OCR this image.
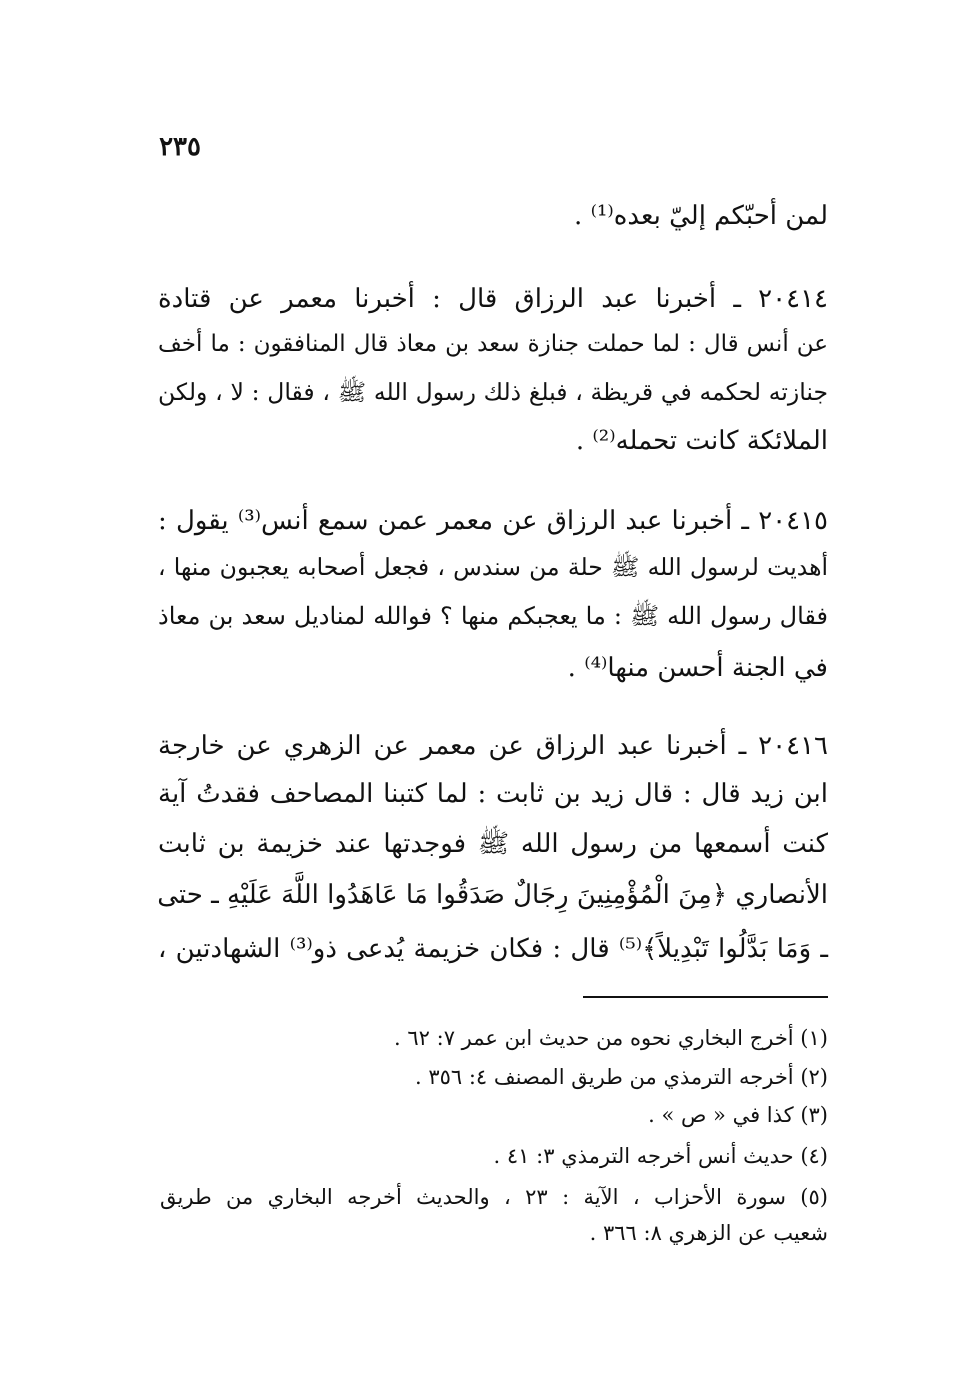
٢٣٥
لمن أحبّكم إليّ بعده⁽¹⁾ .
٢٠٤١٤ ـ أخبرنا عبد الرزاق قال : أخبرنا معمر عن قتادة
عن أنس قال : لما حملت جنازة سعد بن معاذ قال المنافقون : ما أخف
جنازته لحكمه في قريظة ، فبلغ ذلك رسول الله ﷺ ، فقال : لا ، ولكن
الملائكة كانت تحمله⁽²⁾ .
٢٠٤١٥ ـ أخبرنا عبد الرزاق عن معمر عمن سمع أنس⁽³⁾ يقول :
أهديت لرسول الله ﷺ حلة من سندس ، فجعل أصحابه يعجبون منها ،
فقال رسول الله ﷺ : ما يعجبكم منها ؟ فوالله لمناديل سعد بن معاذ
في الجنة أحسن منها⁽⁴⁾ .
٢٠٤١٦ ـ أخبرنا عبد الرزاق عن معمر عن الزهري عن خارجة
ابن زيد قال : قال زيد بن ثابت : لما كتبنا المصاحف فقدتُ آية
كنت أسمعها من رسول الله ﷺ فوجدتها عند خزيمة بن ثابت
الأنصاري ﴿مِنَ الْمُؤْمِنِينَ رِجَالٌ صَدَقُوا مَا عَاهَدُوا اللَّهَ عَلَيْهِ ـ حتى
ـ وَمَا بَدَّلُوا تَبْدِيلاً﴾⁽⁵⁾ قال : فكان خزيمة يُدعى ذو⁽³⁾ الشهادتين ،
(١) أخرج البخاري نحوه من حديث ابن عمر ٧: ٦٢ .
(٢) أخرجه الترمذي من طريق المصنف ٤: ٣٥٦ .
(٣) كذا في « ص » .
(٤) حديث أنس أخرجه الترمذي ٣: ٤١ .
(٥) سورة الأحزاب ، الآية : ٢٣ ، والحديث أخرجه البخاري من طريق
شعيب عن الزهري ٨: ٣٦٦ .
